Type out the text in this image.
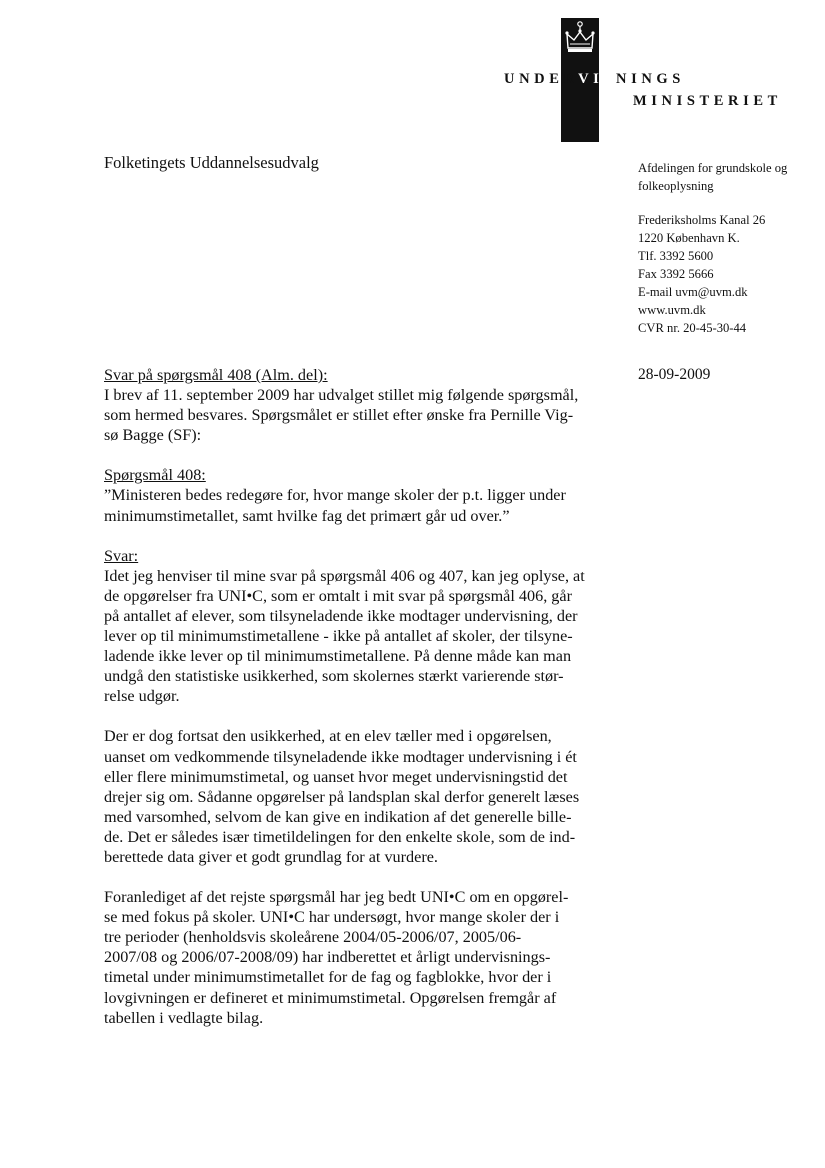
UNDERVISNINGS
MINISTERIET
Folketingets Uddannelsesudvalg	Afdelingen for grundskole og
folkeoplysning
Frederiksholms Kanal 26
1220 København K.
Tlf. 3392 5600
Fax 3392 5666
E-mail uvm@uvm.dk
www.uvm.dk
CVR nr. 20-45-30-44
28-09-2009

Svar på spørgsmål 408 (Alm. del):

I brev af 11. september 2009 har udvalget stillet mig følgende spørgsmål,

som hermed besvares. Spørgsmålet er stillet efter ønske fra Pernille Vig-

sø Bagge (SF):

Spørgsmål 408:

”Ministeren bedes redegøre for, hvor mange skoler der p.t. ligger under

minimumstimetallet, samt hvilke fag det primært går ud over.”

Svar:

Idet jeg henviser til mine svar på spørgsmål 406 og 407, kan jeg oplyse, at

de opgørelser fra UNI•C, som er omtalt i mit svar på spørgsmål 406, går

på antallet af elever, som tilsyneladende ikke modtager undervisning, der

lever op til minimumstimetallene - ikke på antallet af skoler, der tilsyne-

ladende ikke lever op til minimumstimetallene. På denne måde kan man

undgå den statistiske usikkerhed, som skolernes stærkt varierende stør-

relse udgør.

Der er dog fortsat den usikkerhed, at en elev tæller med i opgørelsen,

uanset om vedkommende tilsyneladende ikke modtager undervisning i ét

eller flere minimumstimetal, og uanset hvor meget undervisningstid det

drejer sig om. Sådanne opgørelser på landsplan skal derfor generelt læses

med varsomhed, selvom de kan give en indikation af det generelle bille-

de. Det er således især timetildelingen for den enkelte skole, som de ind-

berettede data giver et godt grundlag for at vurdere.

Foranlediget af det rejste spørgsmål har jeg bedt UNI•C om en opgørel-

se med fokus på skoler. UNI•C har undersøgt, hvor mange skoler der i

tre perioder (henholdsvis skoleårene 2004/05-2006/07, 2005/06-

2007/08 og 2006/07-2008/09) har indberettet et årligt undervisnings-

timetal under minimumstimetallet for de fag og fagblokke, hvor der i

lovgivningen er defineret et minimumstimetal. Opgørelsen fremgår af

tabellen i vedlagte bilag.
